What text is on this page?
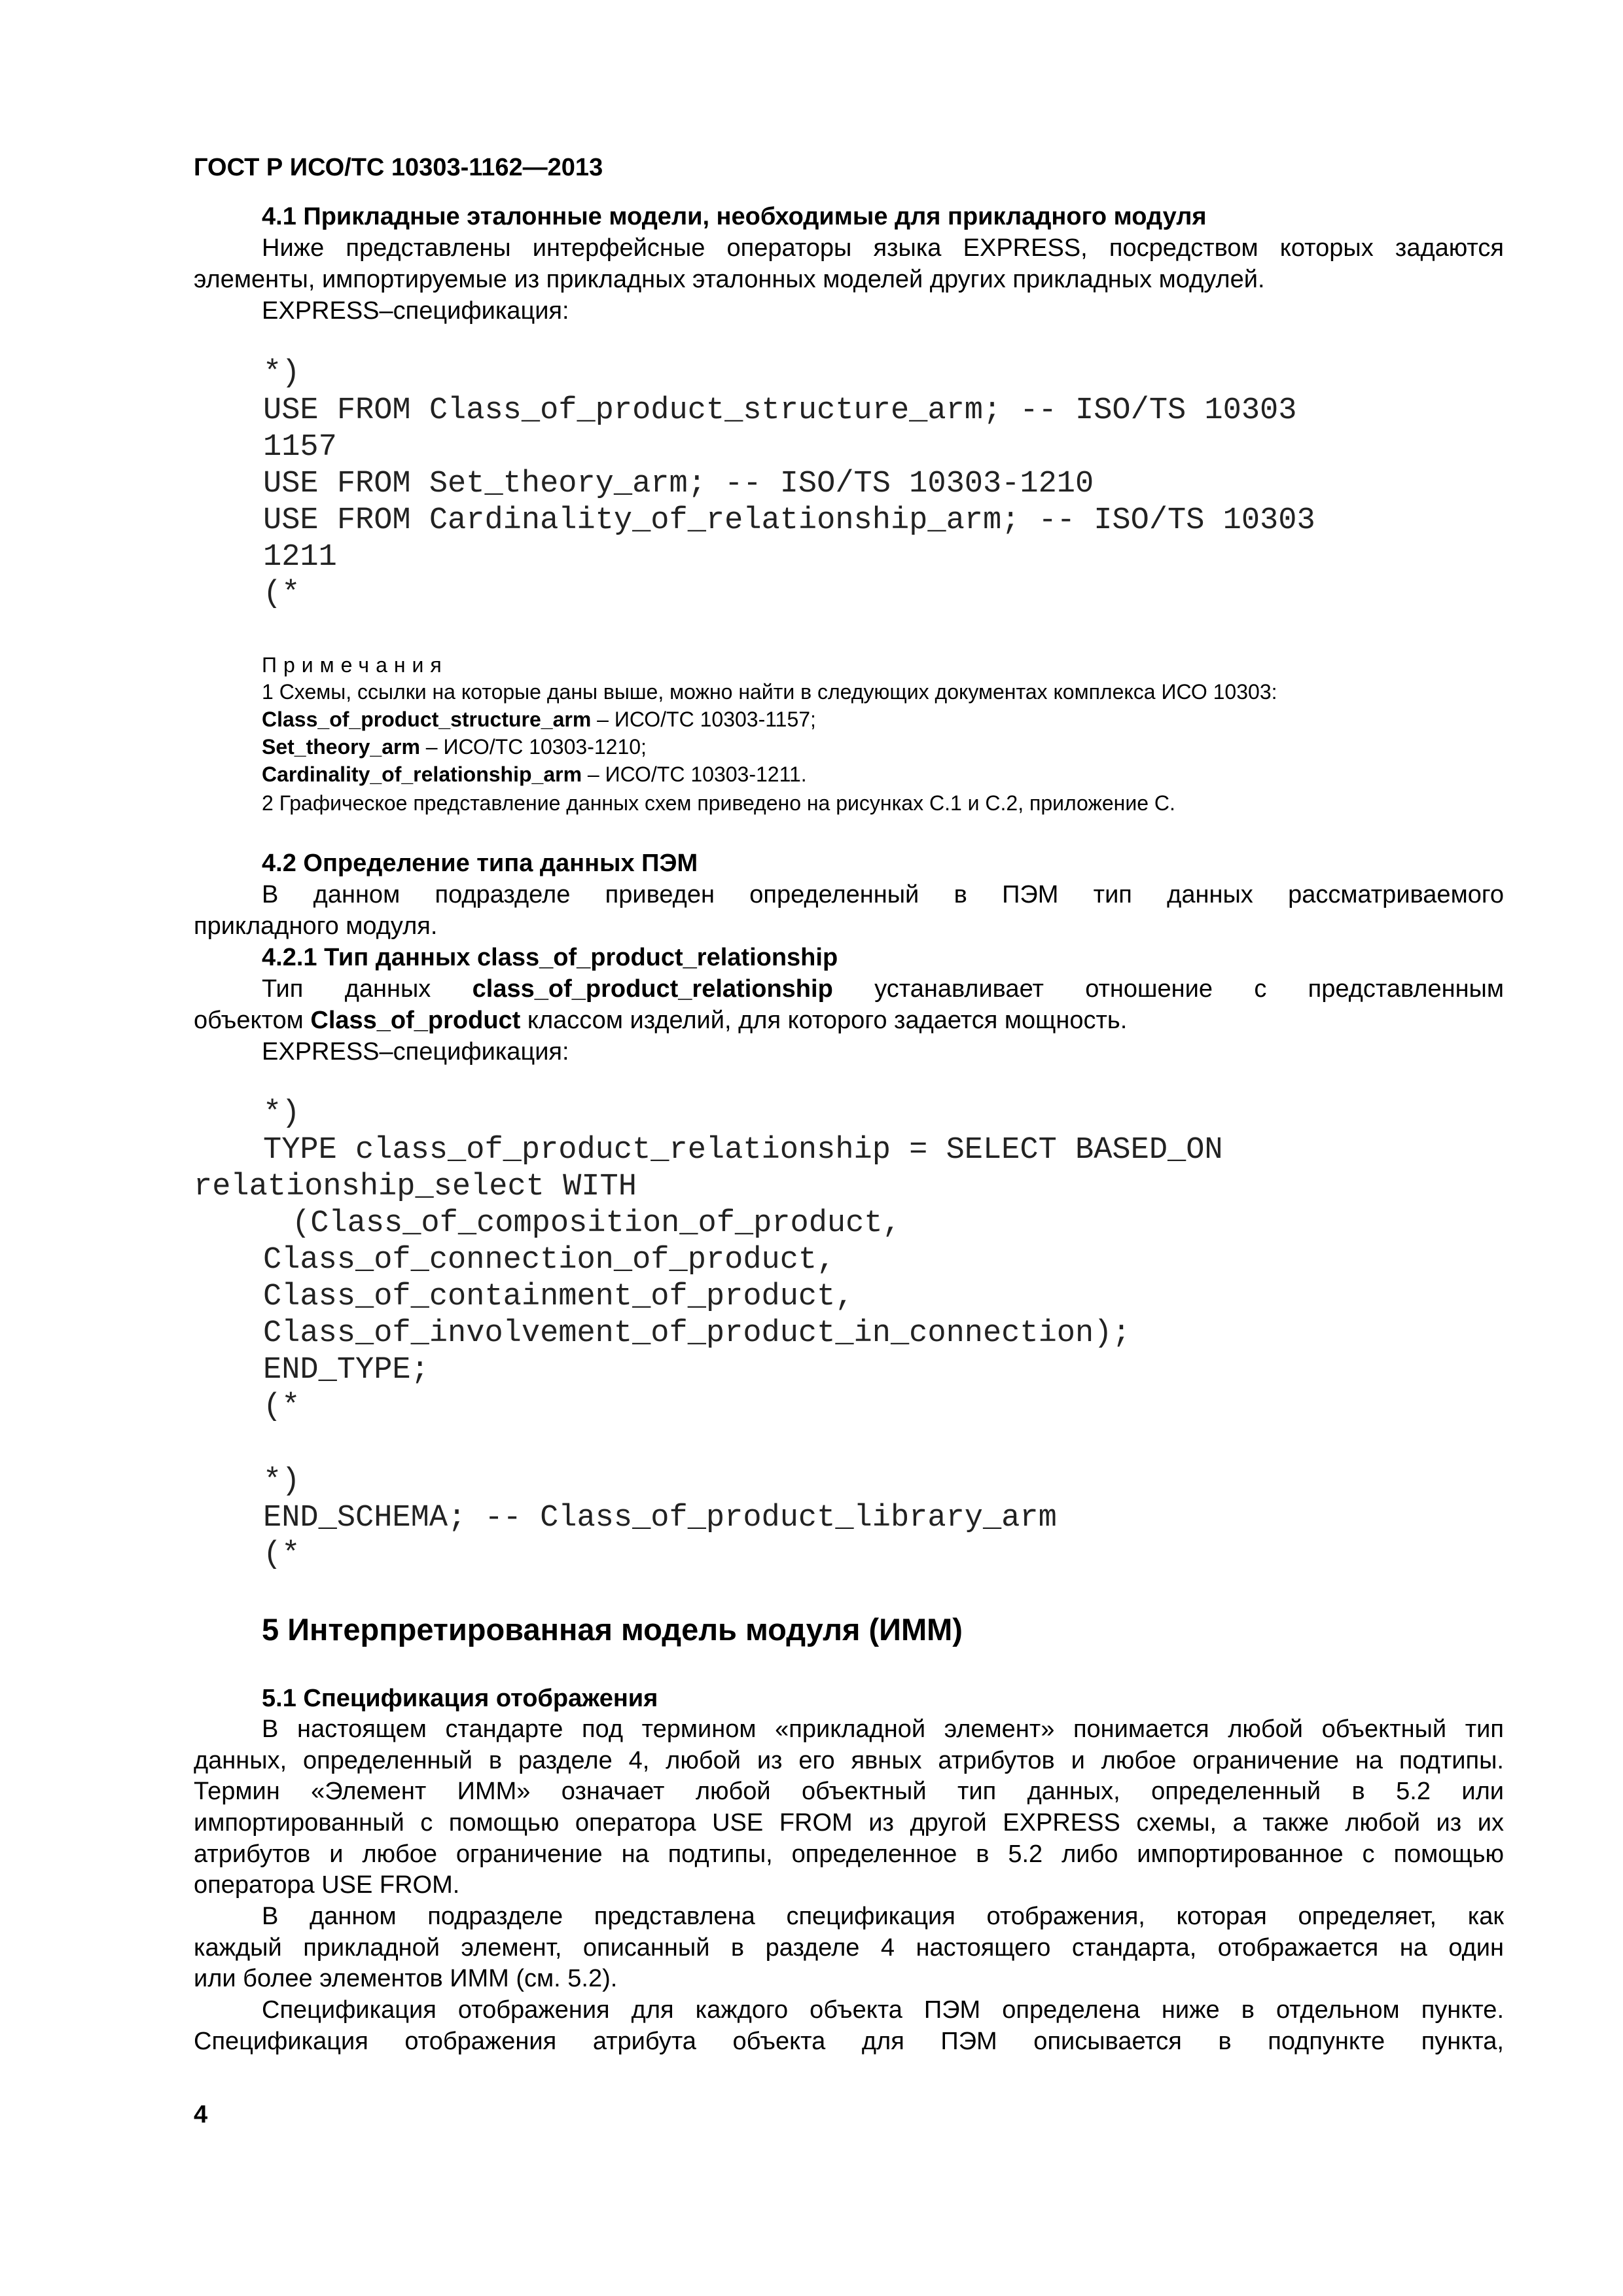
ГОСТ Р ИСО/ТС 10303-1162—2013

4.1 Прикладные эталонные модели, необходимые для прикладного модуля

Ниже представлены интерфейсные операторы языка EXPRESS, посредством которых задаются

элементы, импортируемые из прикладных эталонных моделей других прикладных модулей.

EXPRESS–спецификация:

*)
USE FROM Class_of_product_structure_arm; -- ISO/TS 10303
1157
USE FROM Set_theory_arm; -- ISO/TS 10303-1210
USE FROM Cardinality_of_relationship_arm; -- ISO/TS 10303
1211
(*

Примечания

1 Схемы, ссылки на которые даны выше, можно найти в следующих документах комплекса ИСО 10303:

Class_of_product_structure_arm – ИСО/ТС 10303-1157;

Set_theory_arm – ИСО/ТС 10303-1210;

Cardinality_of_relationship_arm – ИСО/ТС 10303-1211.

2 Графическое представление данных схем приведено на рисунках С.1 и С.2, приложение С.

4.2 Определение типа данных ПЭМ

В данном подразделе приведен определенный в ПЭМ тип данных рассматриваемого

прикладного модуля.

4.2.1 Тип данных class_of_product_relationship

Тип данных class_of_product_relationship устанавливает отношение с представленным

объектом Class_of_product классом изделий, для которого задается мощность.

EXPRESS–спецификация:

*)
TYPE class_of_product_relationship = SELECT BASED_ON
relationship_select WITH
(Class_of_composition_of_product,
Class_of_connection_of_product,
Class_of_containment_of_product,
Class_of_involvement_of_product_in_connection);
END_TYPE;
(*
*)
END_SCHEMA; -- Class_of_product_library_arm
(*

5 Интерпретированная модель модуля (ИММ)

5.1 Спецификация отображения

В настоящем стандарте под термином «прикладной элемент» понимается любой объектный тип

данных, определенный в разделе 4, любой из его явных атрибутов и любое ограничение на подтипы.

Термин «Элемент ИММ» означает любой объектный тип данных, определенный в 5.2 или

импортированный с помощью оператора USE FROM из другой EXPRESS схемы, а также любой из их

атрибутов и любое ограничение на подтипы, определенное в 5.2 либо импортированное с помощью

оператора USE FROM.

В данном подразделе представлена спецификация отображения, которая определяет, как

каждый прикладной элемент, описанный в разделе 4 настоящего стандарта, отображается на один

или более элементов ИММ (см. 5.2).

Спецификация отображения для каждого объекта ПЭМ определена ниже в отдельном пункте.

Спецификация отображения атрибута объекта для ПЭМ описывается в подпункте пункта,

4
